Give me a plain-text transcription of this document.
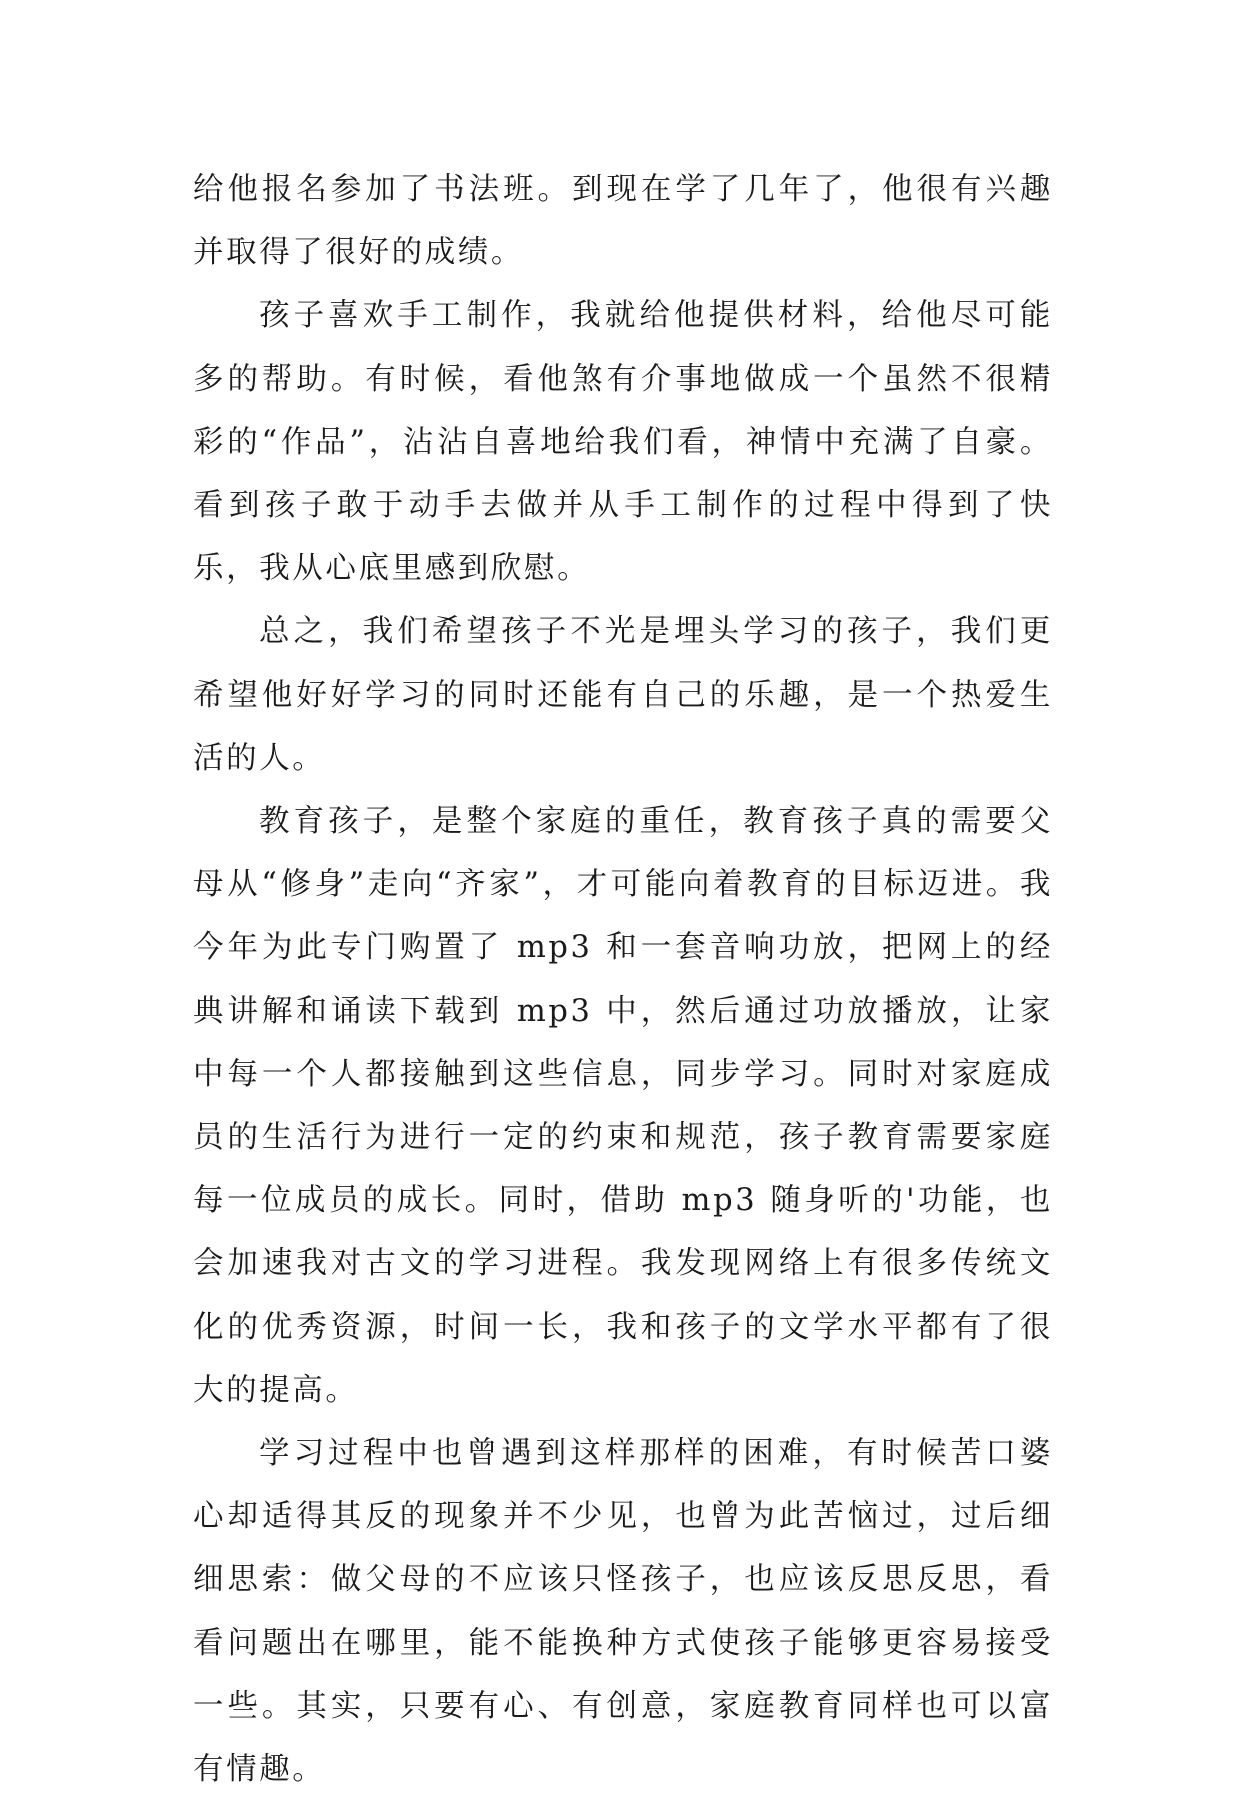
给他报名参加了书法班。到现在学了几年了，他很有兴趣并取得了很好的成绩。

孩子喜欢手工制作，我就给他提供材料，给他尽可能多的帮助。有时候，看他煞有介事地做成一个虽然不很精彩的“作品”，沾沾自喜地给我们看，神情中充满了自豪。看到孩子敢于动手去做并从手工制作的过程中得到了快乐，我从心底里感到欣慰。

总之，我们希望孩子不光是埋头学习的孩子，我们更希望他好好学习的同时还能有自己的乐趣，是一个热爱生活的人。

教育孩子，是整个家庭的重任，教育孩子真的需要父母从“修身”走向“齐家”，才可能向着教育的目标迈进。我今年为此专门购置了 mp3 和一套音响功放，把网上的经典讲解和诵读下载到 mp3 中，然后通过功放播放，让家中每一个人都接触到这些信息，同步学习。同时对家庭成员的生活行为进行一定的约束和规范，孩子教育需要家庭每一位成员的成长。同时，借助 mp3 随身听的'功能，也会加速我对古文的学习进程。我发现网络上有很多传统文化的优秀资源，时间一长，我和孩子的文学水平都有了很大的提高。

学习过程中也曾遇到这样那样的困难，有时候苦口婆心却适得其反的现象并不少见，也曾为此苦恼过，过后细细思索：做父母的不应该只怪孩子，也应该反思反思，看看问题出在哪里，能不能换种方式使孩子能够更容易接受一些。其实，只要有心、有创意，家庭教育同样也可以富有情趣。
